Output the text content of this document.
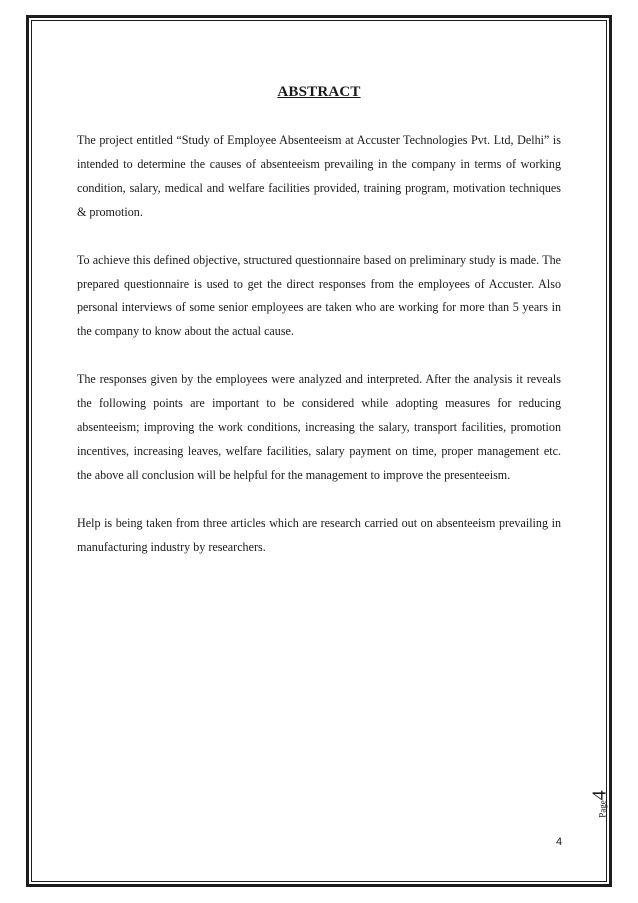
ABSTRACT

The project entitled “Study of Employee Absenteeism at Accuster Technologies Pvt. Ltd, Delhi” is intended to determine the causes of absenteeism prevailing in the company in terms of working condition, salary, medical and welfare facilities provided, training program, motivation techniques & promotion.

To achieve this defined objective, structured questionnaire based on preliminary study is made. The prepared questionnaire is used to get the direct responses from the employees of Accuster. Also personal interviews of some senior employees are taken who are working for more than 5 years in the company to know about the actual cause.

The responses given by the employees were analyzed and interpreted. After the analysis it reveals the following points are important to be considered while adopting measures for reducing absenteeism; improving the work conditions, increasing the salary, transport facilities, promotion incentives, increasing leaves, welfare facilities, salary payment on time, proper management etc. the above all conclusion will be helpful for the management to improve the presenteeism.

Help is being taken from three articles which are research carried out on absenteeism prevailing in manufacturing industry by researchers.

Page4
4
